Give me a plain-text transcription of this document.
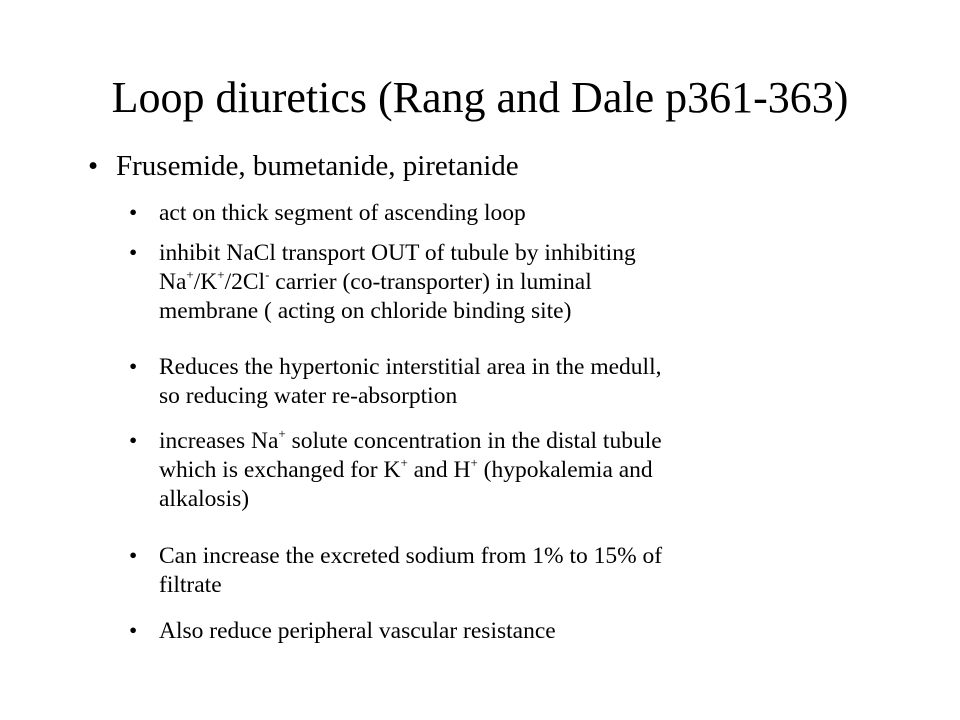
Loop diuretics (Rang and Dale p361-363)
• Frusemide, bumetanide, piretanide
• act on thick segment of ascending loop
• inhibit NaCl transport OUT of tubule by inhibiting
Na+/K+/2Cl- carrier (co-transporter) in luminal
membrane ( acting on chloride binding site)
• Reduces the hypertonic interstitial area in the medull,
so reducing water re-absorption
• increases Na+ solute concentration in the distal tubule
which is exchanged for K+ and H+ (hypokalemia and
alkalosis)
• Can increase the excreted sodium from 1% to 15% of
filtrate
• Also reduce peripheral vascular resistance
